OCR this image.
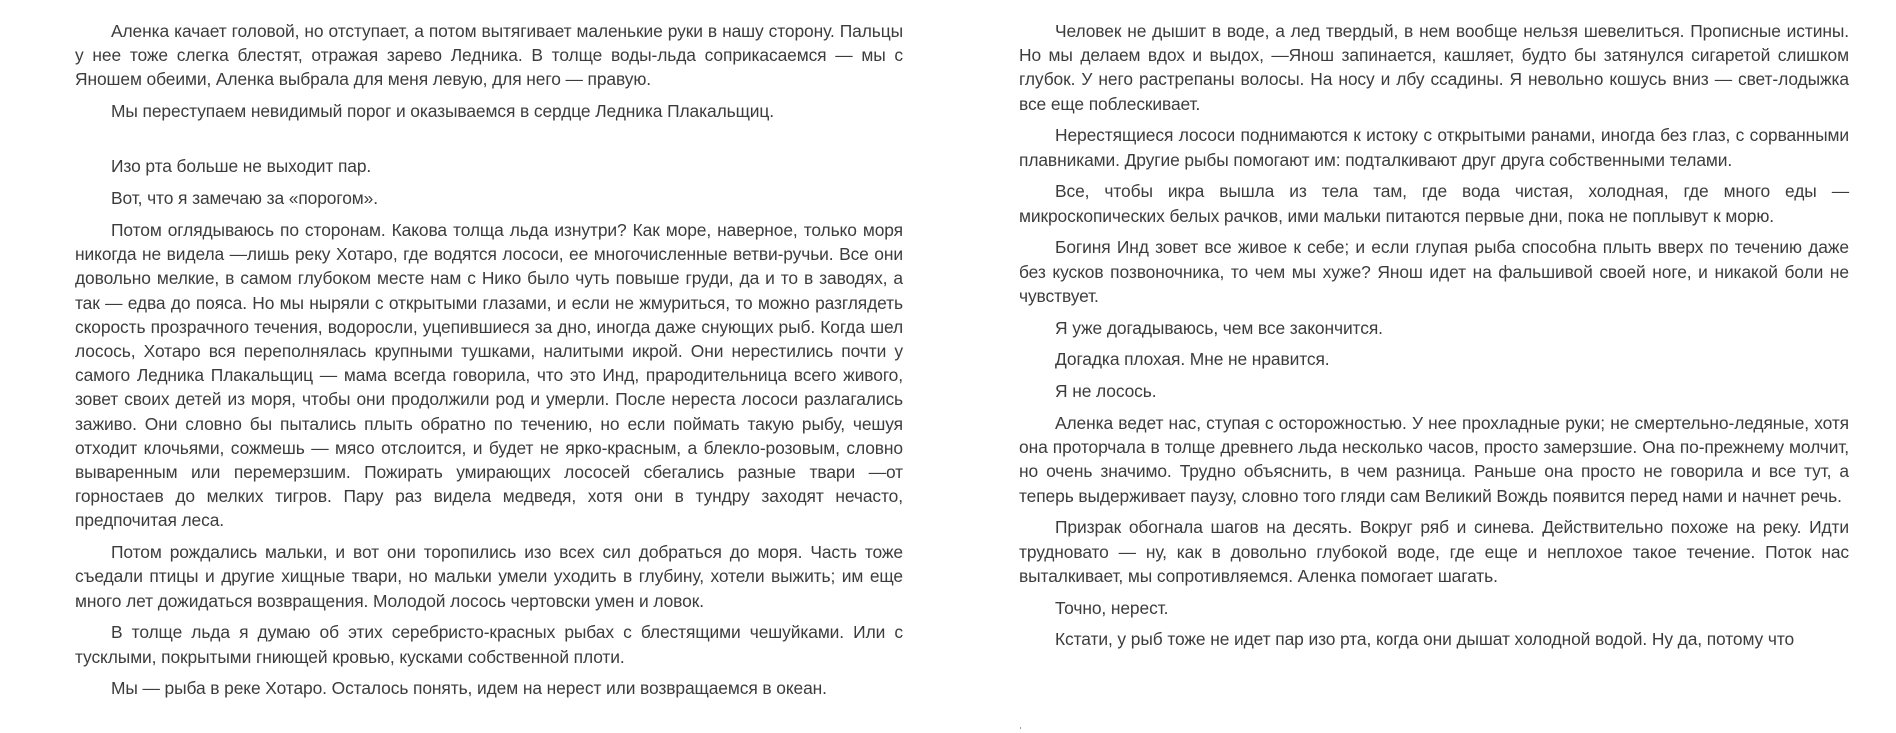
Аленка качает головой, но отступает, а потом вытягивает маленькие руки в нашу сторону. Пальцы у нее тоже слегка блестят, отражая зарево Ледника. В толще воды-льда соприкасаемся — мы с Яношем обеими, Аленка выбрала для меня левую, для него — правую.

Мы переступаем невидимый порог и оказываемся в сердце Ледника Плакальщиц.

Изо рта больше не выходит пар.

Вот, что я замечаю за «порогом».

Потом оглядываюсь по сторонам. Какова толща льда изнутри? Как море, наверное, только моря никогда не видела —лишь реку Хотаро, где водятся лососи, ее многочисленные ветви-ручьи. Все они довольно мелкие, в самом глубоком месте нам с Нико было чуть повыше груди, да и то в заводях, а так — едва до пояса. Но мы ныряли с открытыми глазами, и если не жмуриться, то можно разглядеть скорость прозрачного течения, водоросли, уцепившиеся за дно, иногда даже снующих рыб. Когда шел лосось, Хотаро вся переполнялась крупными тушками, налитыми икрой. Они нерестились почти у самого Ледника Плакальщиц — мама всегда говорила, что это Инд, прародительница всего живого, зовет своих детей из моря, чтобы они продолжили род и умерли. После нереста лососи разлагались заживо. Они словно бы пытались плыть обратно по течению, но если поймать такую рыбу, чешуя отходит клочьями, сожмешь — мясо отслоится, и будет не ярко-красным, а блекло-розовым, словно вываренным или перемерзшим. Пожирать умирающих лососей сбегались разные твари —от горностаев до мелких тигров. Пару раз видела медведя, хотя они в тундру заходят нечасто, предпочитая леса.

Потом рождались мальки, и вот они торопились изо всех сил добраться до моря. Часть тоже съедали птицы и другие хищные твари, но мальки умели уходить в глубину, хотели выжить; им еще много лет дожидаться возвращения. Молодой лосось чертовски умен и ловок.

В толще льда я думаю об этих серебристо-красных рыбах с блестящими чешуйками. Или с тусклыми, покрытыми гниющей кровью, кусками собственной плоти.

Мы — рыба в реке Хотаро. Осталось понять, идем на нерест или возвращаемся в океан.

Человек не дышит в воде, а лед твердый, в нем вообще нельзя шевелиться. Прописные истины. Но мы делаем вдох и выдох, —Янош запинается, кашляет, будто бы затянулся сигаретой слишком глубок. У него растрепаны волосы. На носу и лбу ссадины. Я невольно кошусь вниз — свет-лодыжка все еще поблескивает.

Нерестящиеся лососи поднимаются к истоку с открытыми ранами, иногда без глаз, с сорванными плавниками. Другие рыбы помогают им: подталкивают друг друга собственными телами.

Все, чтобы икра вышла из тела там, где вода чистая, холодная, где много еды — микроскопических белых рачков, ими мальки питаются первые дни, пока не поплывут к морю.

Богиня Инд зовет все живое к себе; и если глупая рыба способна плыть вверх по течению даже без кусков позвоночника, то чем мы хуже? Янош идет на фальшивой своей ноге, и никакой боли не чувствует.

Я уже догадываюсь, чем все закончится.

Догадка плохая. Мне не нравится.

Я не лосось.

Аленка ведет нас, ступая с осторожностью. У нее прохладные руки; не смертельно-ледяные, хотя она проторчала в толще древнего льда несколько часов, просто замерзшие. Она по-прежнему молчит, но очень значимо. Трудно объяснить, в чем разница. Раньше она просто не говорила и все тут, а теперь выдерживает паузу, словно того гляди сам Великий Вождь появится перед нами и начнет речь.

Призрак обогнала шагов на десять. Вокруг ряб и синева. Действительно похоже на реку. Идти трудновато — ну, как в довольно глубокой воде, где еще и неплохое такое течение. Поток нас выталкивает, мы сопротивляемся. Аленка помогает шагать.

Точно, нерест.

Кстати, у рыб тоже не идет пар изо рта, когда они дышат холодной водой. Ну да, потому что
